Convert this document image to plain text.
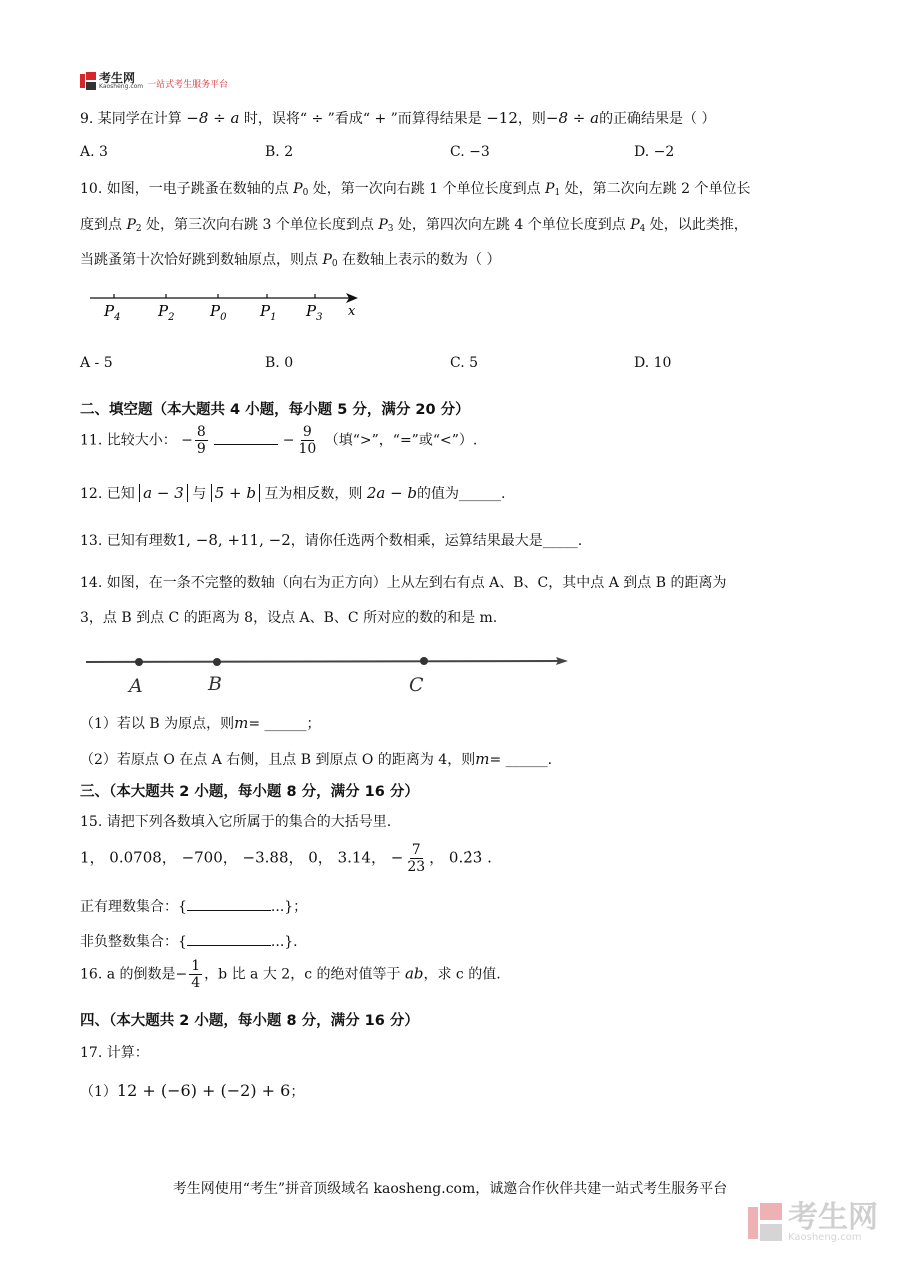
考生网
Kaosheng.com 一站式考生服务平台
9. 某同学在计算 −8 ÷ a 时，误将“ ÷ ”看成“ + ”而算得结果是 −12，则−8 ÷ a的正确结果是（ ）
A. 3	B. 2	C. −3	D. −2
10. 如图，一电子跳蚤在数轴的点 $P_0$ 处，第一次向右跳 1 个单位长度到点 $P_1$ 处，第二次向左跳 2 个单位长
度到点 $P_2$ 处，第三次向右跳 3 个单位长度到点 $P_3$ 处，第四次向左跳 4 个单位长度到点 $P_4$ 处，以此类推，
当跳蚤第十次恰好跳到数轴原点，则点 $P_0$ 在数轴上表示的数为（ ）
$P_4$	$P_2$ $P_0$ $P_1$ $P_3$ x
A - 5	B. 0	C. 5	D. 10
二、填空题（本大题共 4 小题，每小题 5 分，满分 20 分）
11. 比较大小： − $\frac{8}{9}$	− $\frac{9}{10}$ （填“>”，“=”或“<”）.
12. 已知 a − 3 与 5 + b 互为相反数，则 2a − b的值为______.
13. 已知有理数1, −8, +11, −2，请你任选两个数相乘，运算结果最大是_____.
14. 如图，在一条不完整的数轴（向右为正方向）上从左到右有点 A、B、C，其中点 A 到点 B 的距离为
3，点 B 到点 C 的距离为 8，设点 A、B、C 所对应的数的和是 m.
A	B	C
（1）若以 B 为原点，则m= ______；
（2）若原点 O 在点 A 右侧，且点 B 到原点 O 的距离为 4，则m= ______.
三、（本大题共 2 小题，每小题 8 分，满分 16 分）
15. 请把下列各数填入它所属于的集合的大括号里.
1， 0.0708， −700， −3.88， 0， 3.14， − $\frac{7}{23}$ ， 0.2̇3̇ .
正有理数集合：{	...}；
非负整数集合：{	...}.
16. a 的倒数是− $\frac{1}{4}$ ，b 比 a 大 2，c 的绝对值等于 ab，求 c 的值.
四、（本大题共 2 小题，每小题 8 分，满分 16 分）
17. 计算：
（1）12 + (−6) + (−2) + 6；
考生网使用“考生”拼音顶级域名 kaosheng.com，诚邀合作伙伴共建一站式考生服务平台
考生网
Kaosheng.com
